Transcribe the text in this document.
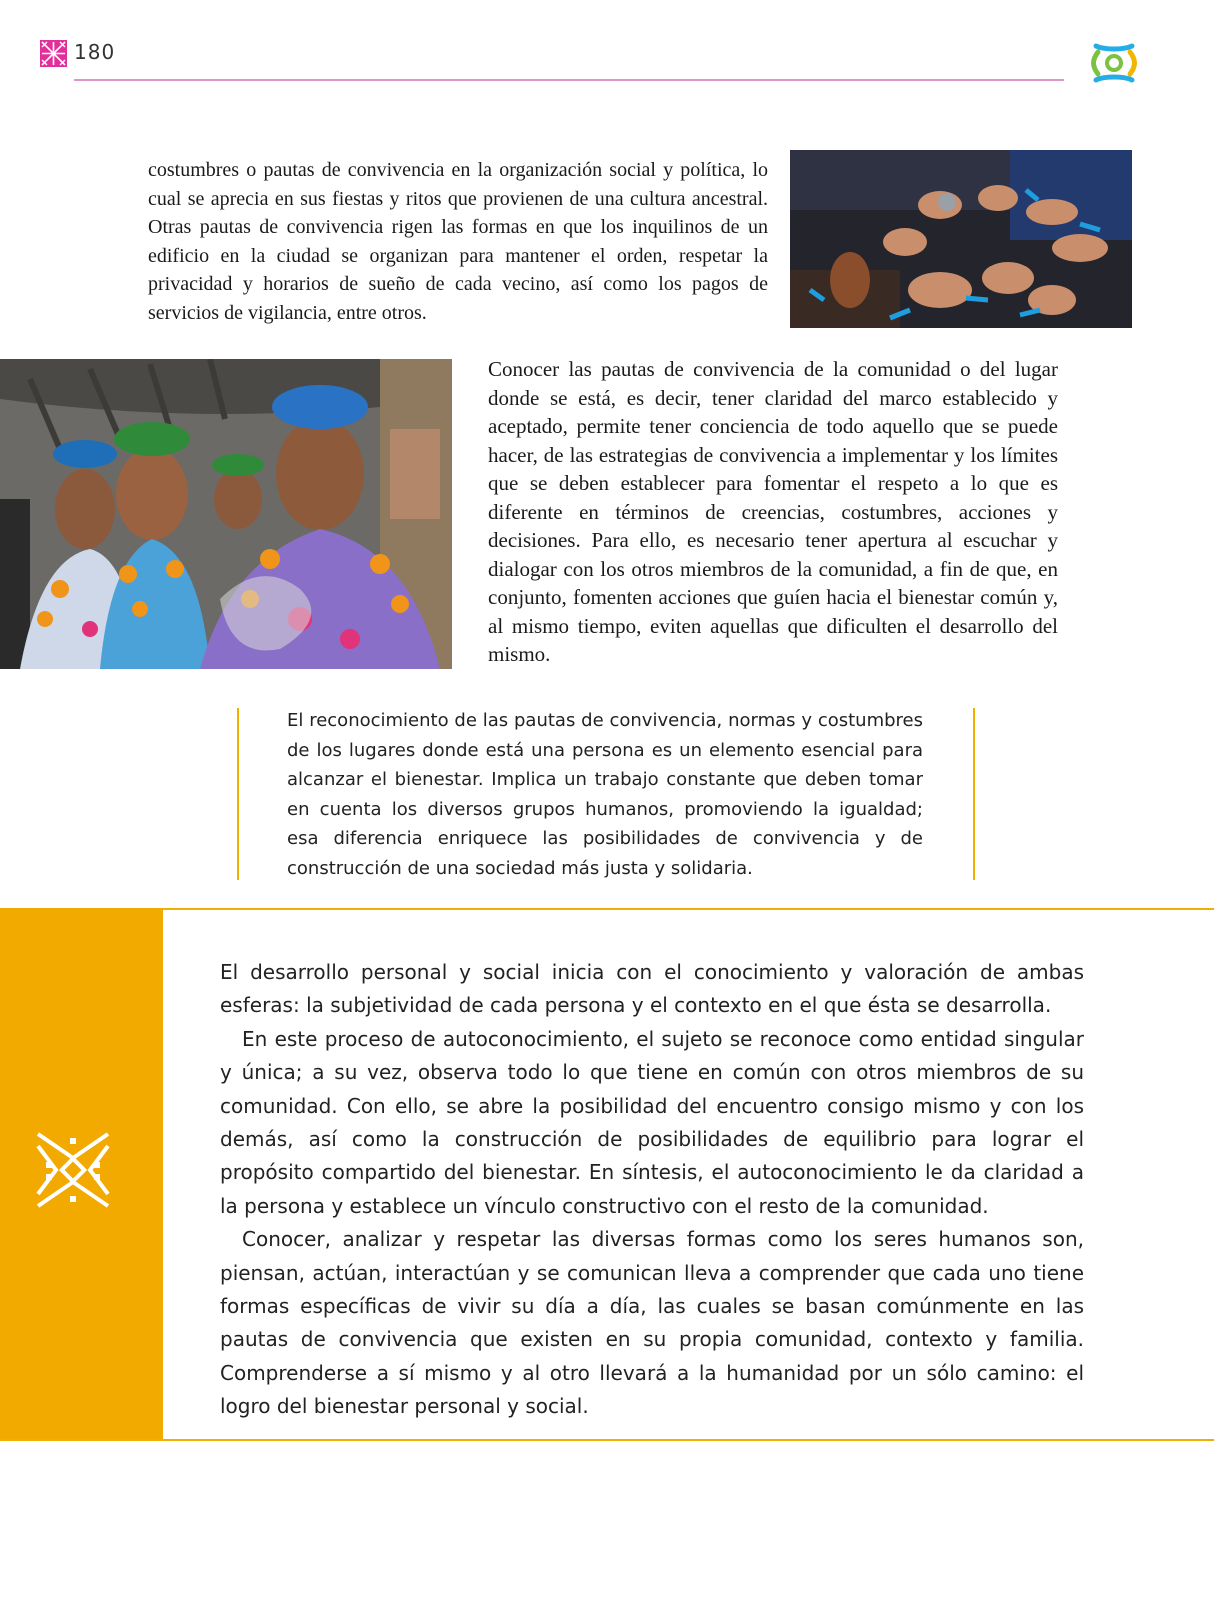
180

costumbres o pautas de convivencia en la organización social y política, lo cual se aprecia en sus fiestas y ritos que provienen de una cultura ancestral. Otras pautas de convivencia rigen las formas en que los inquilinos de un edificio en la ciudad se organizan para mantener el orden, respetar la privacidad y horarios de sueño de cada vecino, así como los pagos de servicios de vigilancia, entre otros.

Conocer las pautas de convivencia de la comunidad o del lugar donde se está, es decir, tener claridad del marco establecido y aceptado, permite tener conciencia de todo aquello que se puede hacer, de las estrategias de convivencia a implementar y los límites que se deben establecer para fomentar el respeto a lo que es diferente en términos de creencias, costumbres, acciones y decisiones. Para ello, es necesario tener apertura al escuchar y dialogar con los otros miembros de la comunidad, a fin de que, en conjunto, fomenten acciones que guíen hacia el bienestar común y, al mismo tiempo, eviten aquellas que dificulten el desarrollo del mismo.

El reconocimiento de las pautas de convivencia, normas y costumbres de los lugares donde está una persona es un elemento esencial para alcanzar el bienestar. Implica un trabajo constante que deben tomar en cuenta los diversos grupos humanos, promoviendo la igualdad; esa diferencia enriquece las posibilidades de convivencia y de construcción de una sociedad más justa y solidaria.

El desarrollo personal y social inicia con el conocimiento y valoración de ambas esferas: la subjetividad de cada persona y el contexto en el que ésta se desarrolla.

En este proceso de autoconocimiento, el sujeto se reconoce como entidad singular y única; a su vez, observa todo lo que tiene en común con otros miembros de su comunidad. Con ello, se abre la posibilidad del encuentro consigo mismo y con los demás, así como la construcción de posibilidades de equilibrio para lograr el propósito compartido del bienestar. En síntesis, el autoconocimiento le da claridad a la persona y establece un vínculo constructivo con el resto de la comunidad.

Conocer, analizar y respetar las diversas formas como los seres humanos son, piensan, actúan, interactúan y se comunican lleva a comprender que cada uno tiene formas específicas de vivir su día a día, las cuales se basan comúnmente en las pautas de convivencia que existen en su propia comunidad, contexto y familia. Comprenderse a sí mismo y al otro llevará a la humanidad por un sólo camino: el logro del bienestar personal y social.
